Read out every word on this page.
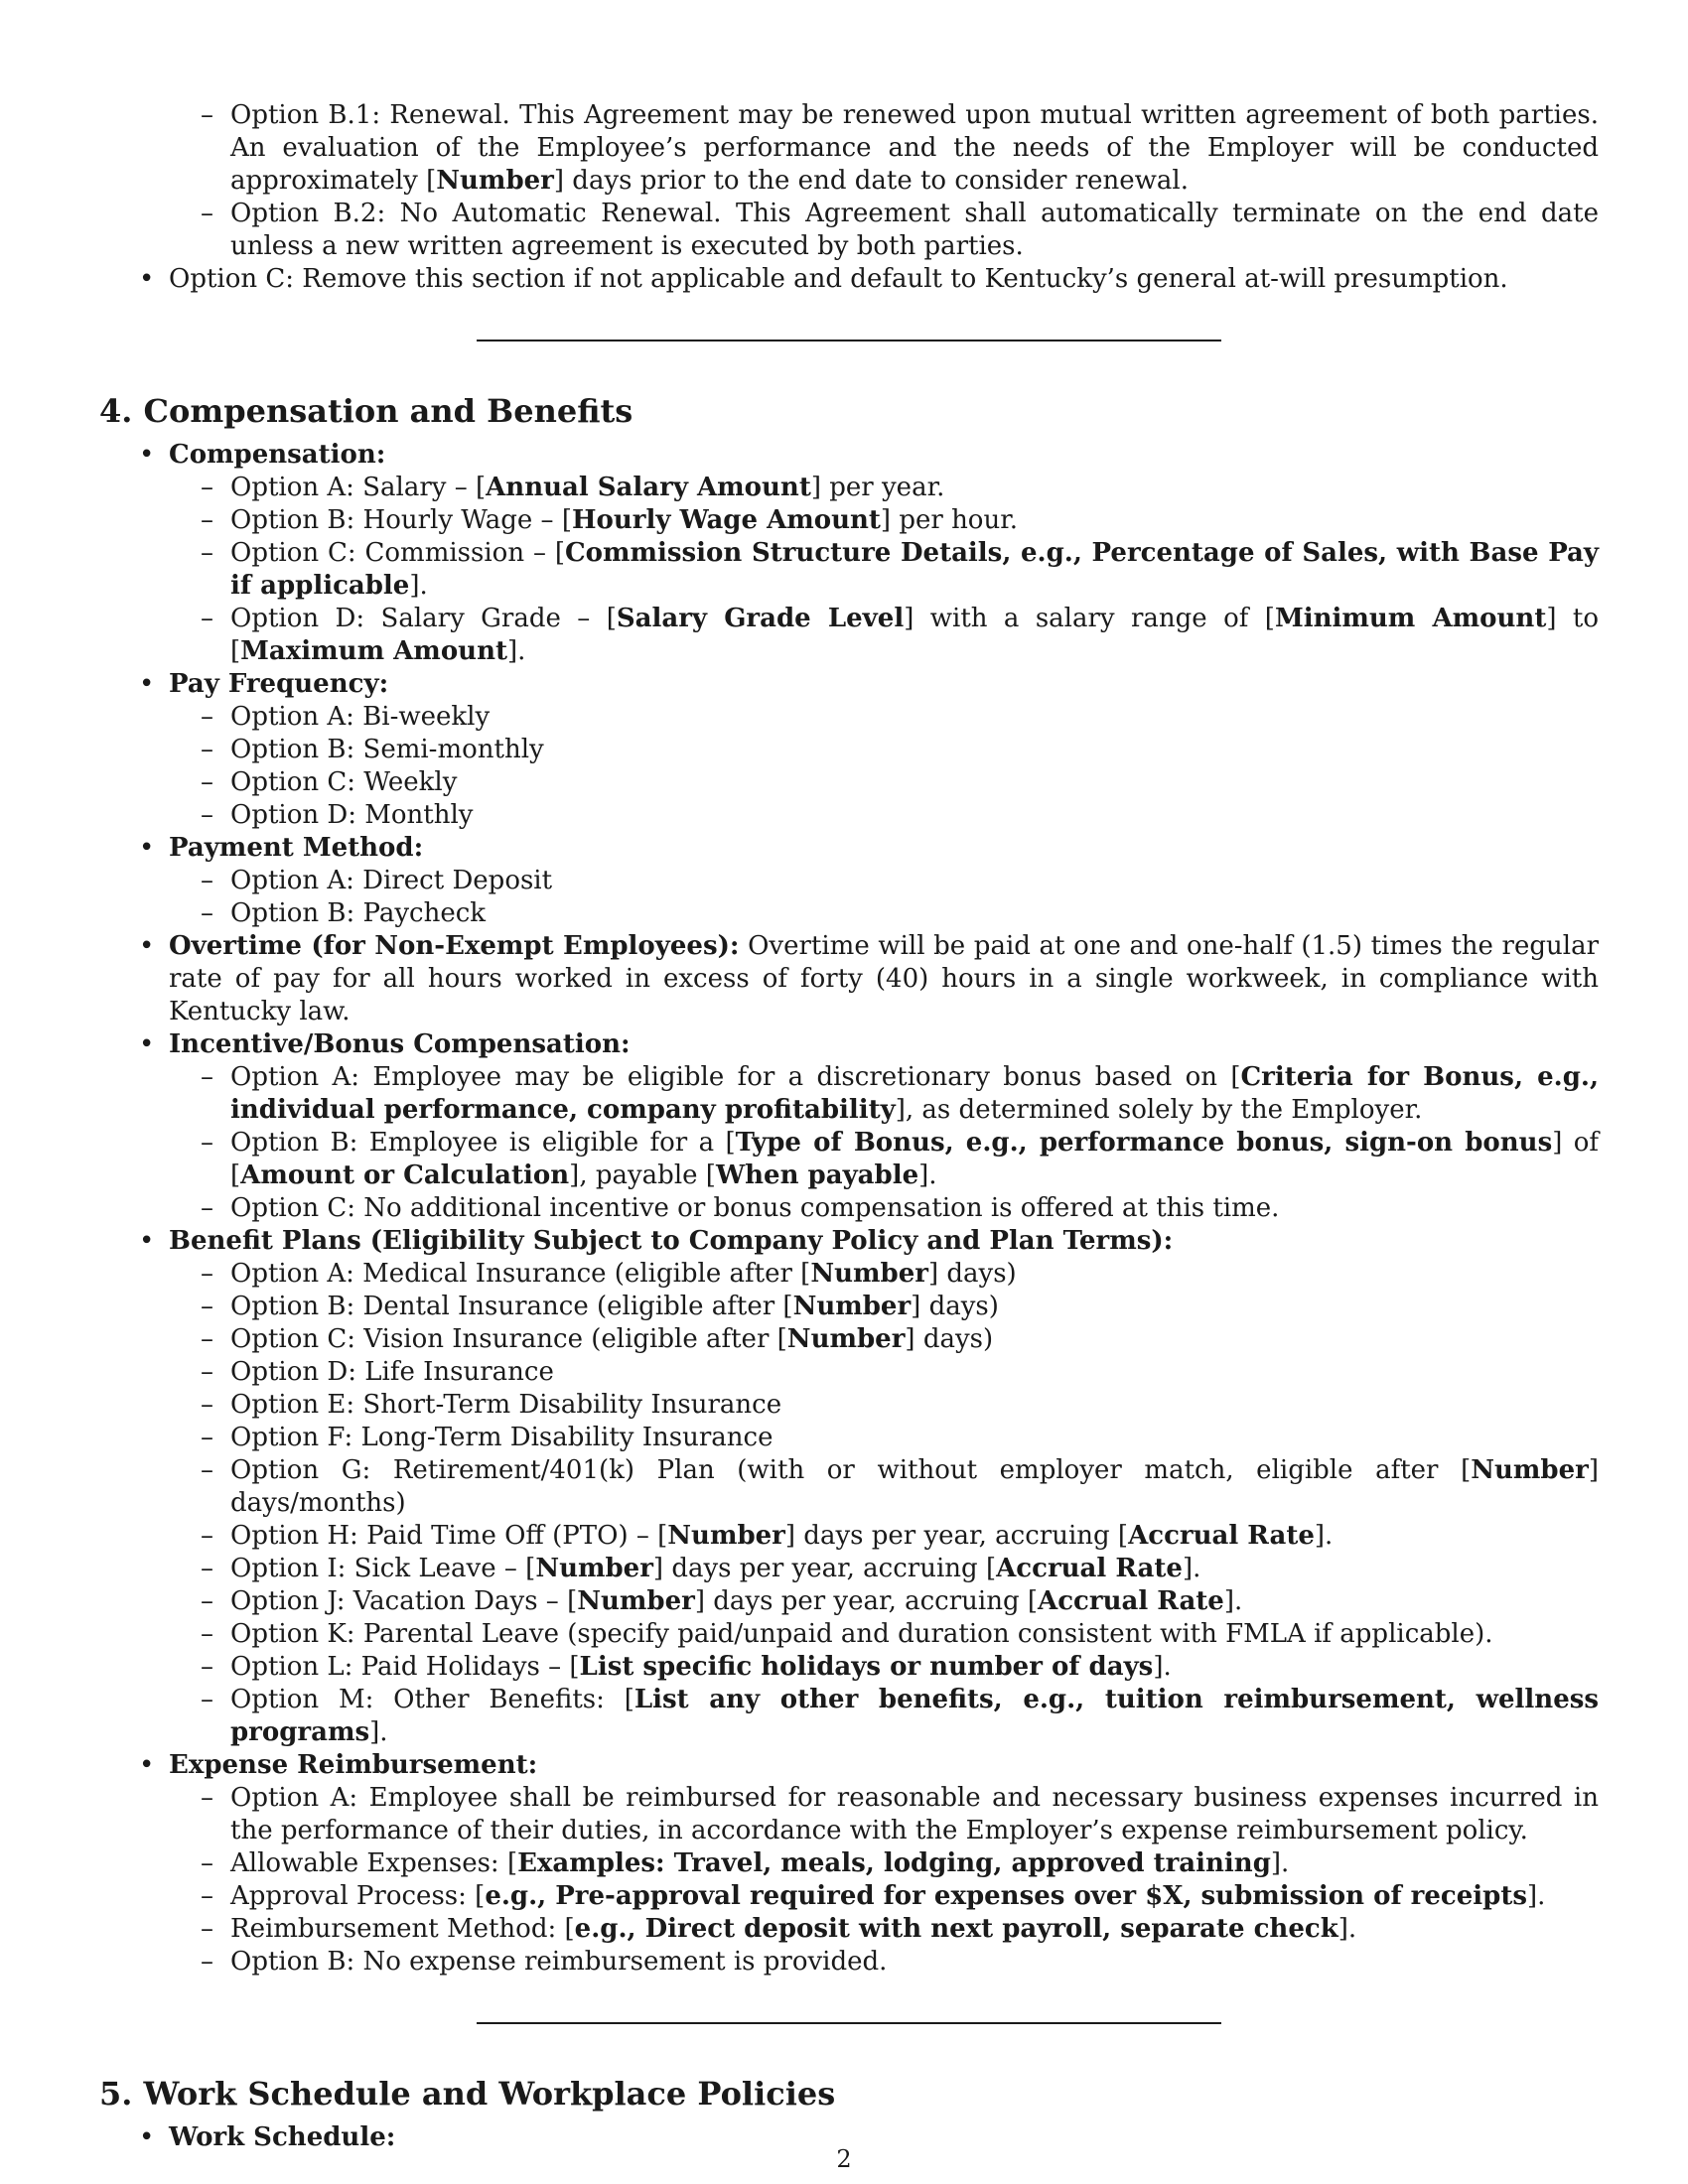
– Option B.1: Renewal. This Agreement may be renewed upon mutual written agreement of both parties. An evaluation of the Employee’s performance and the needs of the Employer will be conducted approximately [Number] days prior to the end date to consider renewal.
– Option B.2: No Automatic Renewal. This Agreement shall automatically terminate on the end date unless a new written agreement is executed by both parties.
• Option C: Remove this section if not applicable and default to Kentucky’s general at-will presumption.
4. Compensation and Benefits
• Compensation:
– Option A: Salary – [Annual Salary Amount] per year.
– Option B: Hourly Wage – [Hourly Wage Amount] per hour.
– Option C: Commission – [Commission Structure Details, e.g., Percentage of Sales, with Base Pay if applicable].
– Option D: Salary Grade – [Salary Grade Level] with a salary range of [Minimum Amount] to [Maximum Amount].
• Pay Frequency:
– Option A: Bi-weekly
– Option B: Semi-monthly
– Option C: Weekly
– Option D: Monthly
• Payment Method:
– Option A: Direct Deposit
– Option B: Paycheck
• Overtime (for Non-Exempt Employees): Overtime will be paid at one and one-half (1.5) times the regular rate of pay for all hours worked in excess of forty (40) hours in a single workweek, in compliance with Kentucky law.
• Incentive/Bonus Compensation:
– Option A: Employee may be eligible for a discretionary bonus based on [Criteria for Bonus, e.g., individual performance, company profitability], as determined solely by the Employer.
– Option B: Employee is eligible for a [Type of Bonus, e.g., performance bonus, sign-on bonus] of [Amount or Calculation], payable [When payable].
– Option C: No additional incentive or bonus compensation is offered at this time.
• Benefit Plans (Eligibility Subject to Company Policy and Plan Terms):
– Option A: Medical Insurance (eligible after [Number] days)
– Option B: Dental Insurance (eligible after [Number] days)
– Option C: Vision Insurance (eligible after [Number] days)
– Option D: Life Insurance
– Option E: Short-Term Disability Insurance
– Option F: Long-Term Disability Insurance
– Option G: Retirement/401(k) Plan (with or without employer match, eligible after [Number] days/months)
– Option H: Paid Time Off (PTO) – [Number] days per year, accruing [Accrual Rate].
– Option I: Sick Leave – [Number] days per year, accruing [Accrual Rate].
– Option J: Vacation Days – [Number] days per year, accruing [Accrual Rate].
– Option K: Parental Leave (specify paid/unpaid and duration consistent with FMLA if applicable).
– Option L: Paid Holidays – [List specific holidays or number of days].
– Option M: Other Benefits: [List any other benefits, e.g., tuition reimbursement, wellness programs].
• Expense Reimbursement:
– Option A: Employee shall be reimbursed for reasonable and necessary business expenses incurred in the performance of their duties, in accordance with the Employer’s expense reimbursement policy.
– Allowable Expenses: [Examples: Travel, meals, lodging, approved training].
– Approval Process: [e.g., Pre-approval required for expenses over $X, submission of receipts].
– Reimbursement Method: [e.g., Direct deposit with next payroll, separate check].
– Option B: No expense reimbursement is provided.
5. Work Schedule and Workplace Policies
• Work Schedule:
2
